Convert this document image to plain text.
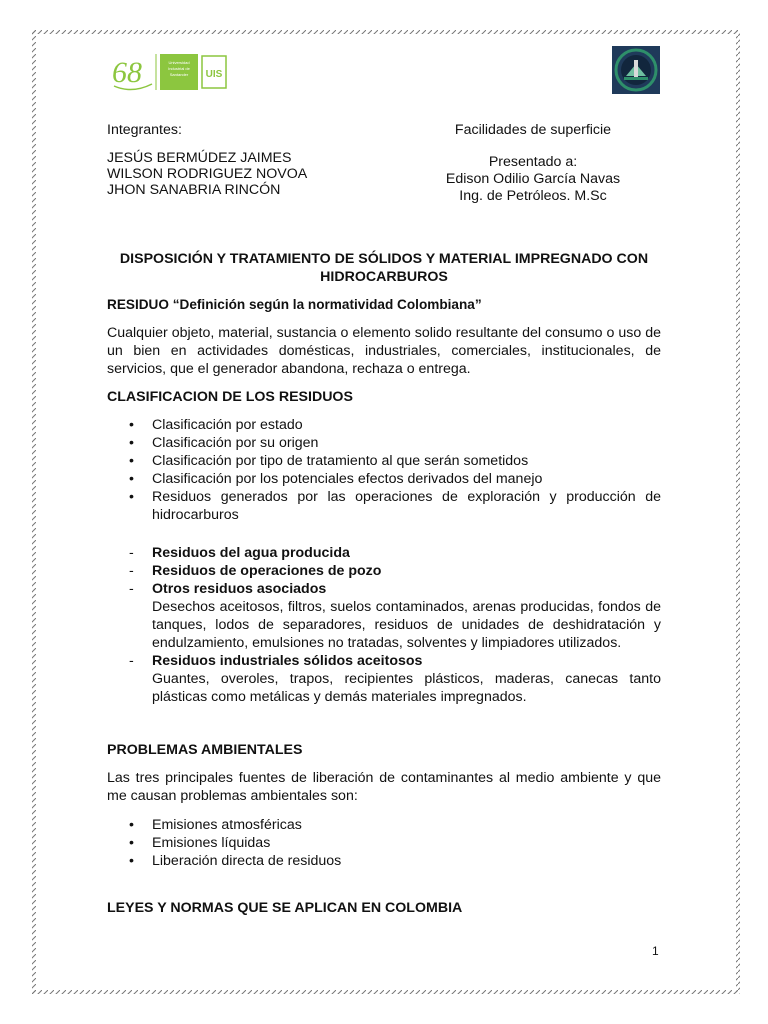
68	Universidad
Industrial de
Santander UIS
Integrantes:
JESÚS BERMÚDEZ JAIMES
WILSON RODRIGUEZ NOVOA
JHON SANABRIA RINCÓN
Facilidades de superficie
Presentado a:
Edison Odilio García Navas
Ing. de Petróleos. M.Sc
DISPOSICIÓN Y TRATAMIENTO DE SÓLIDOS Y MATERIAL IMPREGNADO CON HIDROCARBUROS
RESIDUO “Definición según la normatividad Colombiana”
Cualquier objeto, material, sustancia o elemento solido resultante del consumo o uso de un bien en actividades domésticas, industriales, comerciales, institucionales, de servicios, que el generador abandona, rechaza o entrega.
CLASIFICACION DE LOS RESIDUOS
• Clasificación por estado
• Clasificación por su origen
• Clasificación por tipo de tratamiento al que serán sometidos
• Clasificación por los potenciales efectos derivados del manejo
• Residuos generados por las operaciones de exploración y producción de hidrocarburos
- Residuos del agua producida
- Residuos de operaciones de pozo
- Otros residuos asociados
Desechos aceitosos, filtros, suelos contaminados, arenas producidas, fondos de tanques, lodos de separadores, residuos de unidades de deshidratación y endulzamiento, emulsiones no tratadas, solventes y limpiadores utilizados.
- Residuos industriales sólidos aceitosos
Guantes, overoles, trapos, recipientes plásticos, maderas, canecas tanto plásticas como metálicas y demás materiales impregnados.
PROBLEMAS AMBIENTALES
Las tres principales fuentes de liberación de contaminantes al medio ambiente y que me causan problemas ambientales son:
• Emisiones atmosféricas
• Emisiones líquidas
• Liberación directa de residuos
LEYES Y NORMAS QUE SE APLICAN EN COLOMBIA
1
